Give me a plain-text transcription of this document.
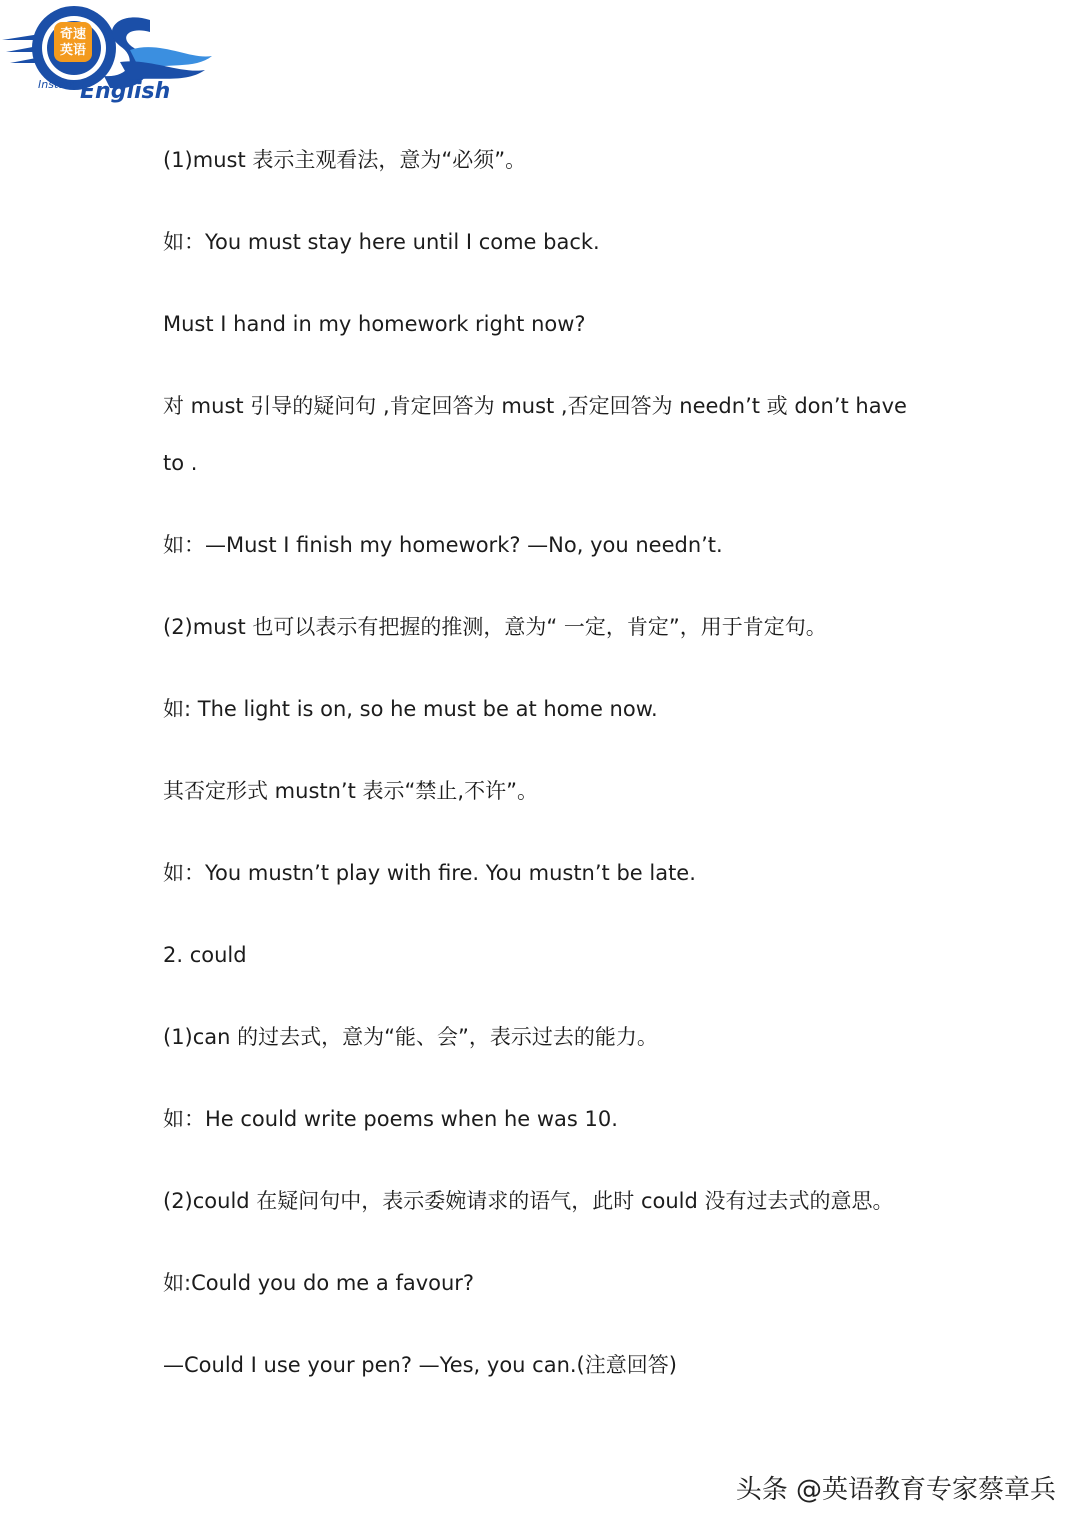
奇速
英语
Instant English
(1)must 表示主观看法，意为“必须”。
如：You must stay here until I come back.
Must I hand in my homework right now?
对 must 引导的疑问句 ,肯定回答为 must ,否定回答为 needn’t 或 don’t have
to .
如：—Must I finish my homework? —No, you needn’t.
(2)must 也可以表示有把握的推测，意为“ 一定，肯定”，用于肯定句。
如: The light is on, so he must be at home now.
其否定形式 mustn’t 表示“禁止,不许”。
如：You mustn’t play with fire. You mustn’t be late.
2. could
(1)can 的过去式，意为“能、会”，表示过去的能力。
如：He could write poems when he was 10.
(2)could 在疑问句中，表示委婉请求的语气，此时 could 没有过去式的意思。
如:Could you do me a favour?
—Could I use your pen? —Yes, you can.(注意回答)
头条 @英语教育专家蔡章兵
